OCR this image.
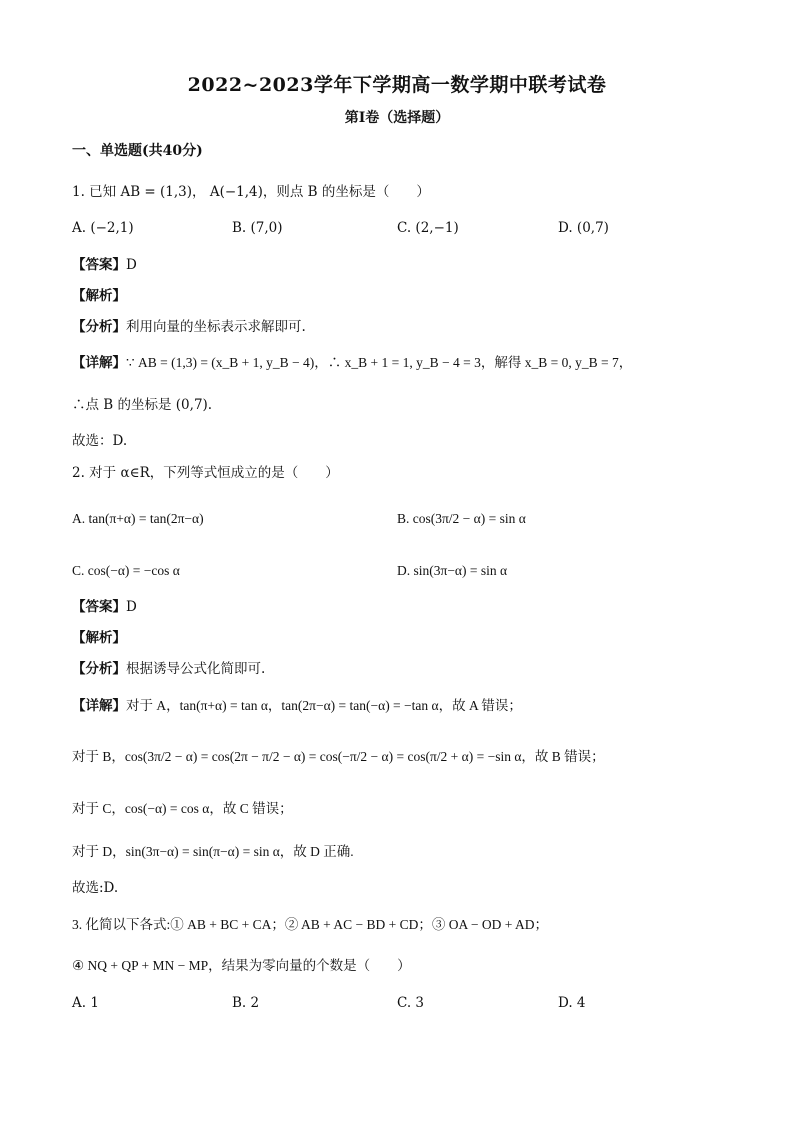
2022~2023学年下学期高一数学期中联考试卷
第Ⅰ卷（选择题）
一、单选题(共40分)
1. 已知 AB = (1,3)， A(−1,4)，则点 B 的坐标是（　　）
A. (−2,1)	B. (7,0)	C. (2,−1)	D. (0,7)
【答案】D
【解析】
【分析】利用向量的坐标表示求解即可.
【详解】∵ AB = (1,3) = (x_B + 1, y_B − 4)，∴ x_B + 1 = 1, y_B − 4 = 3，解得 x_B = 0, y_B = 7，
∴点 B 的坐标是 (0,7).
故选：D.
2. 对于 α∈R，下列等式恒成立的是（　　）
A. tan(π+α) = tan(2π−α)	B. cos(3π/2 − α) = sin α
C. cos(−α) = −cos α	D. sin(3π−α) = sin α
【答案】D
【解析】
【分析】根据诱导公式化简即可.
【详解】对于 A，tan(π+α) = tan α，tan(2π−α) = tan(−α) = −tan α，故 A 错误；
对于 B，cos(3π/2 − α) = cos(2π − π/2 − α) = cos(−π/2 − α) = cos(π/2 + α) = −sin α，故 B 错误；
对于 C，cos(−α) = cos α，故 C 错误；
对于 D，sin(3π−α) = sin(π−α) = sin α，故 D 正确.
故选:D.
3. 化简以下各式:① AB + BC + CA；② AB + AC − BD + CD；③ OA − OD + AD；
④ NQ + QP + MN − MP，结果为零向量的个数是（　　）
A. 1	B. 2	C. 3	D. 4
